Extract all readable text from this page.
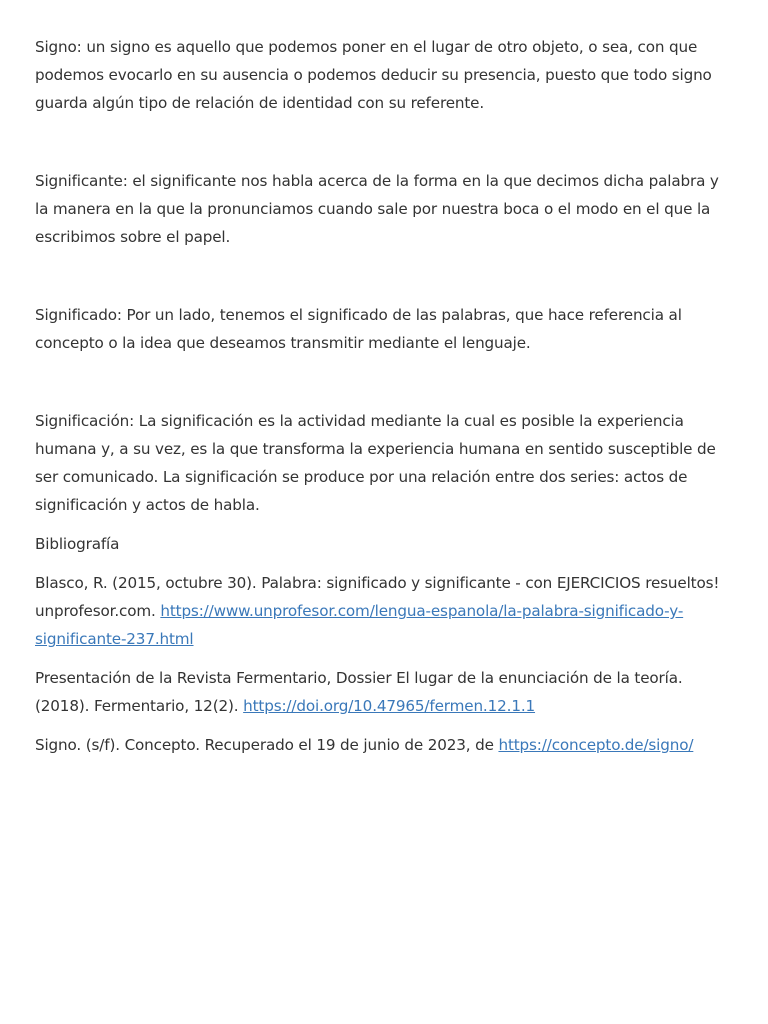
Signo: un signo es aquello que podemos poner en el lugar de otro objeto, o sea, con que podemos evocarlo en su ausencia o podemos deducir su presencia, puesto que todo signo guarda algún tipo de relación de identidad con su referente.

Significante: el significante nos habla acerca de la forma en la que decimos dicha palabra y la manera en la que la pronunciamos cuando sale por nuestra boca o el modo en el que la escribimos sobre el papel.

Significado: Por un lado, tenemos el significado de las palabras, que hace referencia al concepto o la idea que deseamos transmitir mediante el lenguaje.

Significación: La significación es la actividad mediante la cual es posible la experiencia humana y, a su vez, es la que transforma la experiencia humana en sentido susceptible de ser comunicado. La significación se produce por una relación entre dos series: actos de significación y actos de habla.

Bibliografía

Blasco, R. (2015, octubre 30). Palabra: significado y significante - con EJERCICIOS resueltos! unprofesor.com. https://www.unprofesor.com/lengua-espanola/la-palabra-significado-y-significante-237.html

Presentación de la Revista Fermentario, Dossier El lugar de la enunciación de la teoría. (2018). Fermentario, 12(2). https://doi.org/10.47965/fermen.12.1.1

Signo. (s/f). Concepto. Recuperado el 19 de junio de 2023, de https://concepto.de/signo/
